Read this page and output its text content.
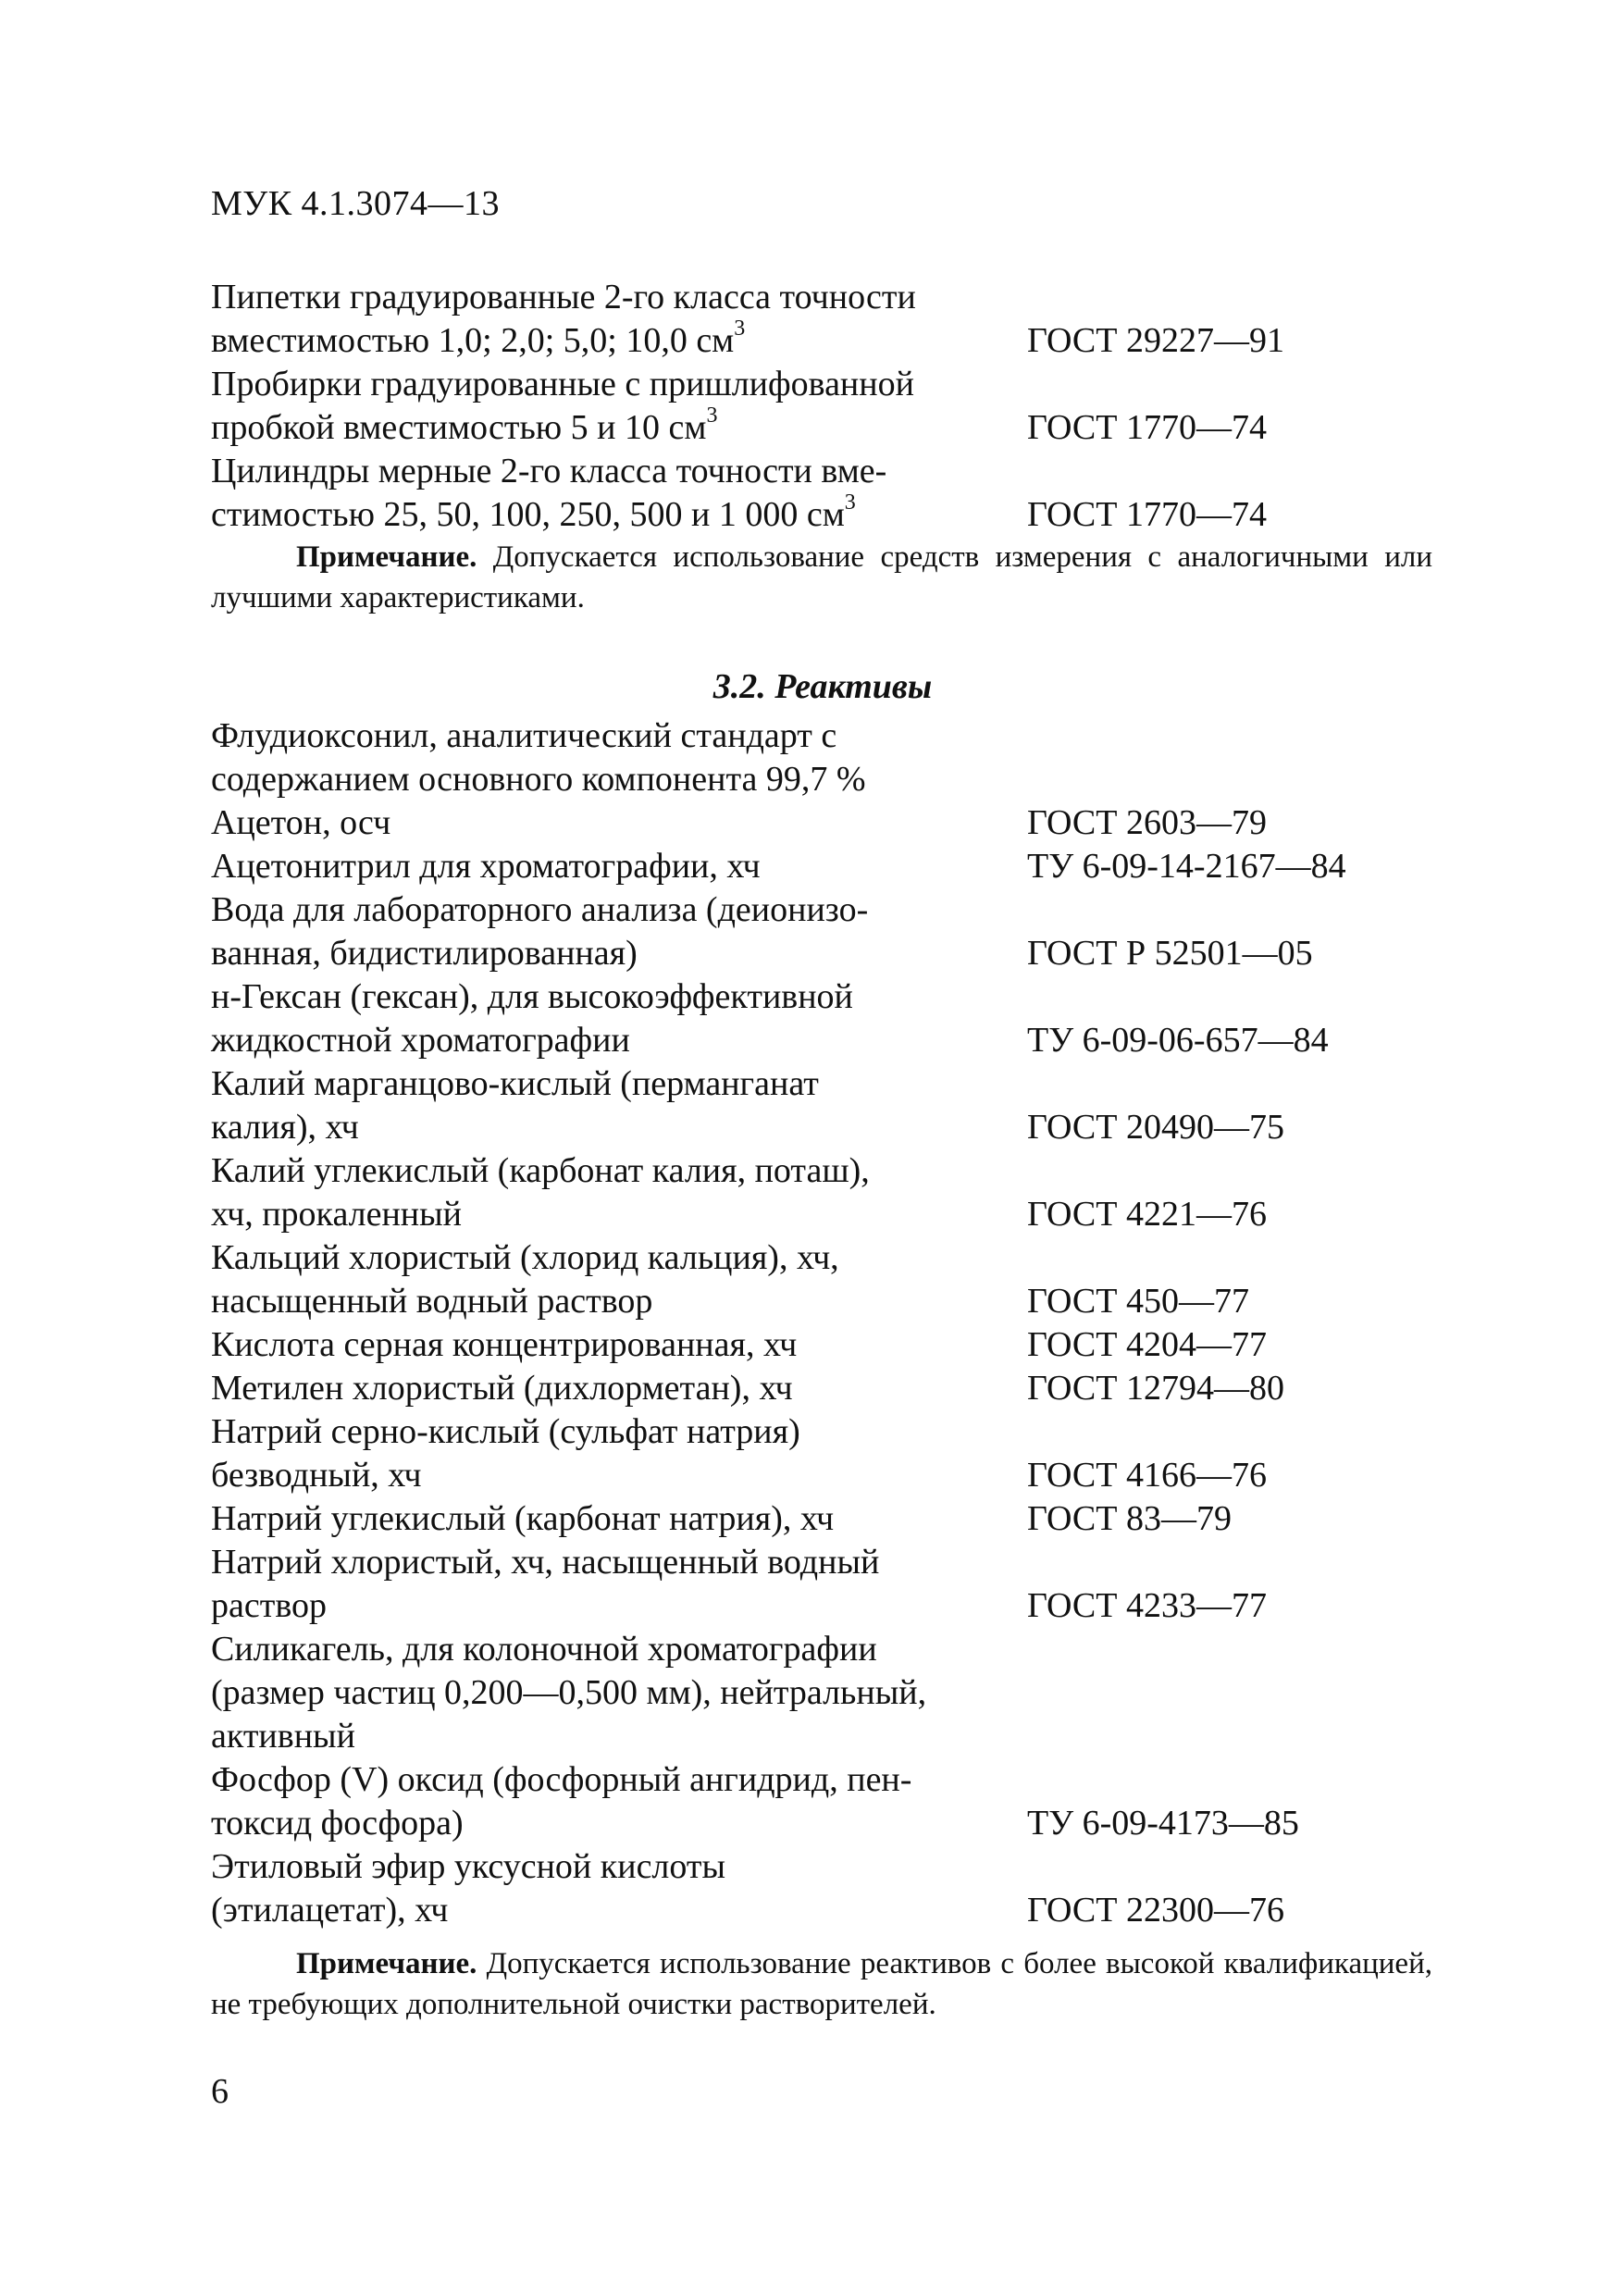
МУК 4.1.3074—13
Пипетки градуированные 2-го класса точности
вместимостью 1,0; 2,0; 5,0; 10,0 $см^3$	ГОСТ 29227—91
Пробирки градуированные с пришлифованной
пробкой вместимостью 5 и 10 $см^3$	ГОСТ 1770—74
Цилиндры мерные 2-го класса точности вме-
стимостью 25, 50, 100, 250, 500 и 1 000 $см^3$	ГОСТ 1770—74
Примечание. Допускается использование средств измерения с аналогичными или лучшими характеристиками.
3.2. Реактивы
Флудиоксонил, аналитический стандарт с
содержанием основного компонента 99,7 %
Ацетон, осч	ГОСТ 2603—79
Ацетонитрил для хроматографии, хч	ТУ 6-09-14-2167—84
Вода для лабораторного анализа (деионизо-
ванная, бидистилированная)	ГОСТ Р 52501—05
н-Гексан (гексан), для высокоэффективной
жидкостной хроматографии	ТУ 6-09-06-657—84
Калий марганцово-кислый (перманганат
калия), хч	ГОСТ 20490—75
Калий углекислый (карбонат калия, поташ),
хч, прокаленный	ГОСТ 4221—76
Кальций хлористый (хлорид кальция), хч,
насыщенный водный раствор	ГОСТ 450—77
Кислота серная концентрированная, хч	ГОСТ 4204—77
Метилен хлористый (дихлорметан), хч	ГОСТ 12794—80
Натрий серно-кислый (сульфат натрия)
безводный, хч	ГОСТ 4166—76
Натрий углекислый (карбонат натрия), хч	ГОСТ 83—79
Натрий хлористый, хч, насыщенный водный
раствор	ГОСТ 4233—77
Силикагель, для колоночной хроматографии
(размер частиц 0,200—0,500 мм), нейтральный,
активный
Фосфор (V) оксид (фосфорный ангидрид, пен-
токсид фосфора)	ТУ 6-09-4173—85
Этиловый эфир уксусной кислоты
(этилацетат), хч	ГОСТ 22300—76
Примечание. Допускается использование реактивов с более высокой квалификацией, не требующих дополнительной очистки растворителей.
6
